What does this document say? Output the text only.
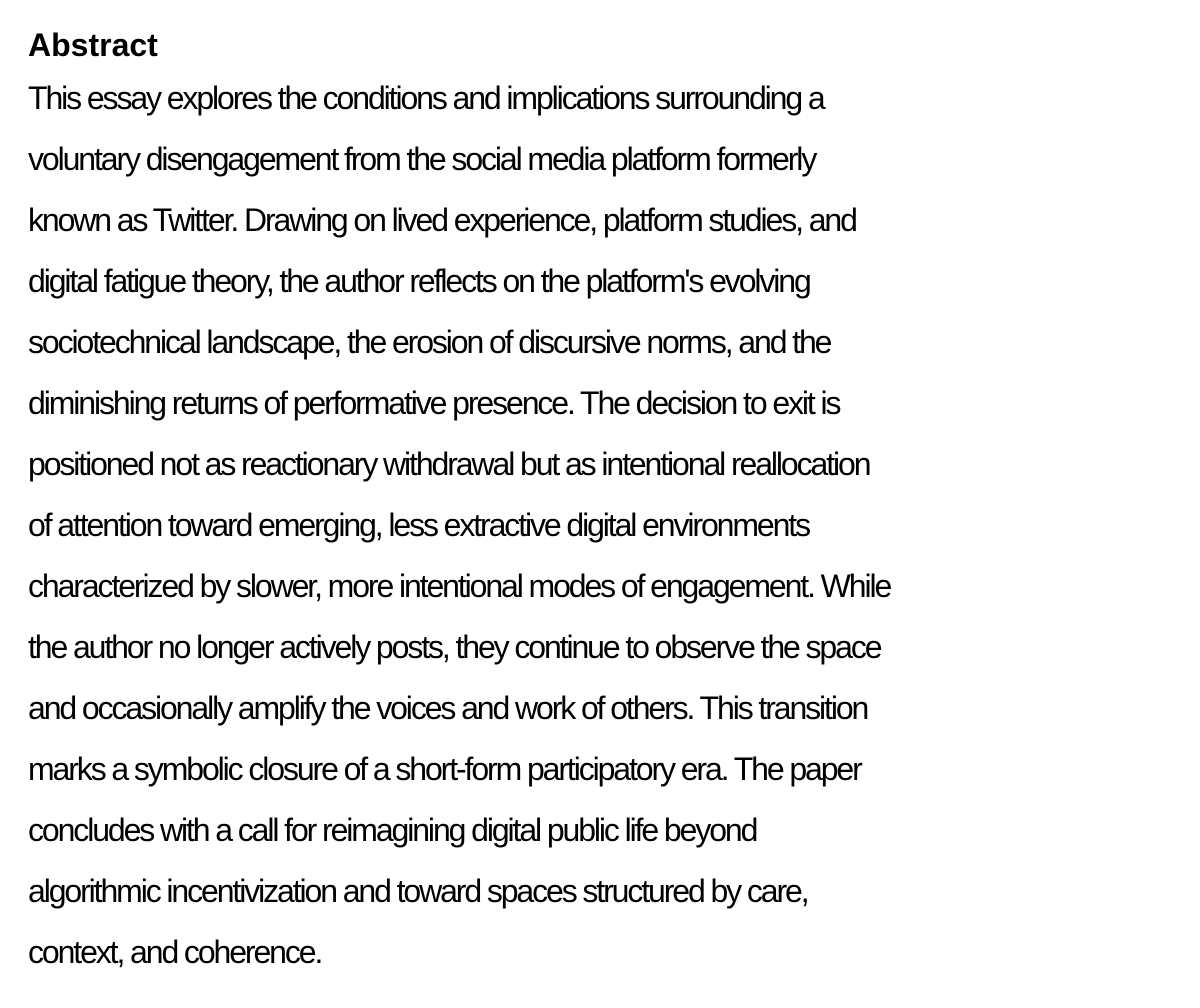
Abstract
This essay explores the conditions and implications surrounding a
voluntary disengagement from the social media platform formerly
known as Twitter. Drawing on lived experience, platform studies, and
digital fatigue theory, the author reflects on the platform's evolving
sociotechnical landscape, the erosion of discursive norms, and the
diminishing returns of performative presence. The decision to exit is
positioned not as reactionary withdrawal but as intentional reallocation
of attention toward emerging, less extractive digital environments
characterized by slower, more intentional modes of engagement. While
the author no longer actively posts, they continue to observe the space
and occasionally amplify the voices and work of others. This transition
marks a symbolic closure of a short-form participatory era. The paper
concludes with a call for reimagining digital public life beyond
algorithmic incentivization and toward spaces structured by care,
context, and coherence.
